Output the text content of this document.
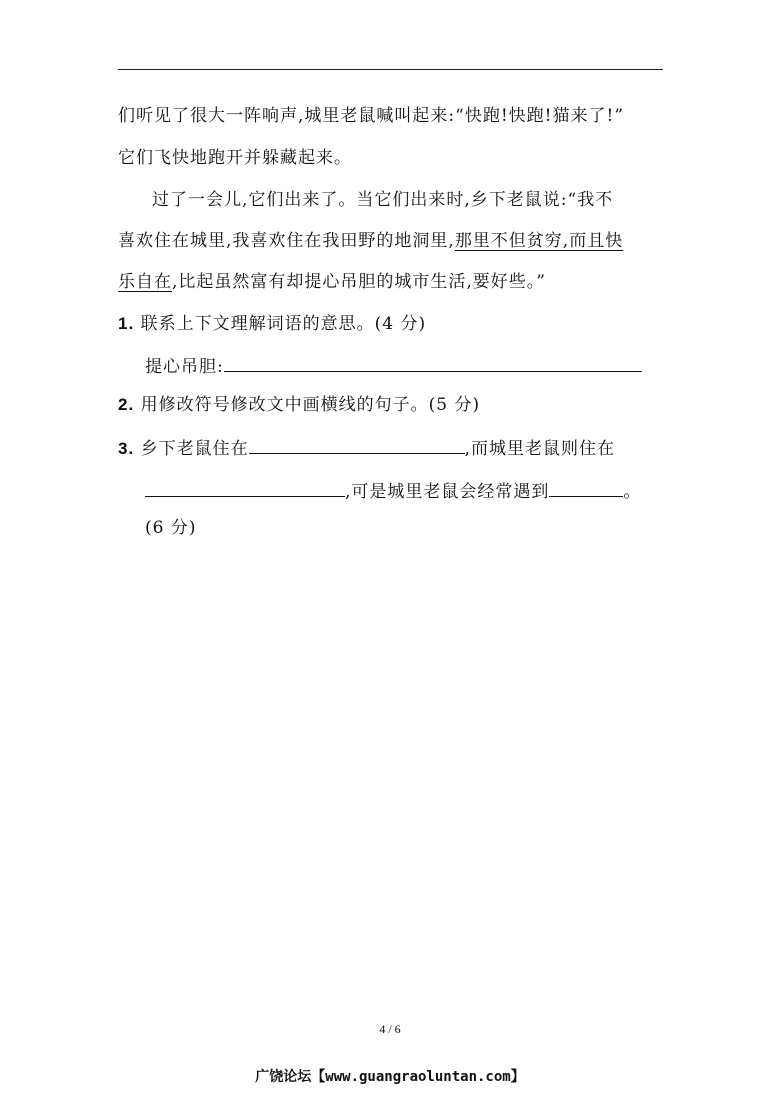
们听见了很大一阵响声,城里老鼠喊叫起来:“快跑!快跑!猫来了!”
它们飞快地跑开并躲藏起来。
过了一会儿,它们出来了。当它们出来时,乡下老鼠说:“我不
喜欢住在城里,我喜欢住在我田野的地洞里,那里不但贫穷,而且快
乐自在,比起虽然富有却提心吊胆的城市生活,要好些。”
1. 联系上下文理解词语的意思。(4 分)
提心吊胆:
2. 用修改符号修改文中画横线的句子。(5 分)
3. 乡下老鼠住在	,而城里老鼠则住在
,可是城里老鼠会经常遇到	。
(6 分)
4 / 6
广饶论坛【www.guangraoluntan.com】
